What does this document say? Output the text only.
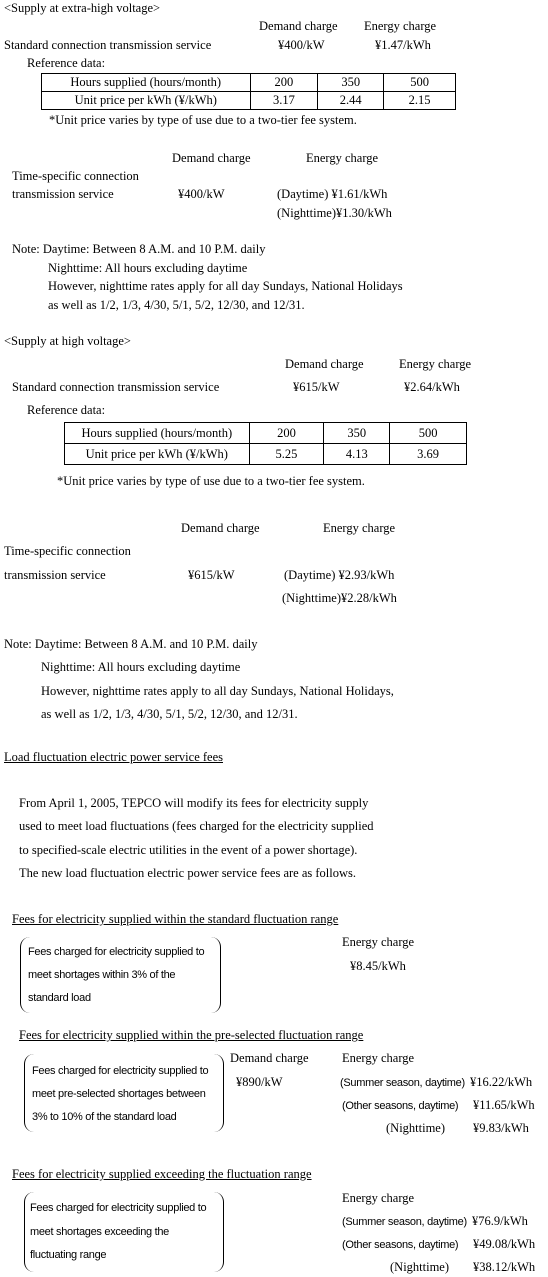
<Supply at extra-high voltage>
Demand charge Energy charge
Standard connection transmission service	¥400/kW	¥1.47/kWh
Reference data:
Hours supplied (hours/month)	200	350	500
Unit price per kWh (¥/kWh)	3.17	2.44	2.15
*Unit price varies by type of use due to a two-tier fee system.
Demand charge	Energy charge
Time-specific connection
transmission service	¥400/kW	(Daytime) ¥1.61/kWh
(Nighttime)¥1.30/kWh
Note: Daytime: Between 8 A.M. and 10 P.M. daily
Nighttime: All hours excluding daytime
However, nighttime rates apply for all day Sundays, National Holidays
as well as 1/2, 1/3, 4/30, 5/1, 5/2, 12/30, and 12/31.
<Supply at high voltage>
Demand charge	Energy charge
Standard connection transmission service	¥615/kW	¥2.64/kWh
Reference data:
Hours supplied (hours/month)	200	350	500
Unit price per kWh (¥/kWh)	5.25	4.13	3.69
*Unit price varies by type of use due to a two-tier fee system.
Demand charge	Energy charge
Time-specific connection
transmission service	¥615/kW	(Daytime) ¥2.93/kWh
(Nighttime)¥2.28/kWh
Note: Daytime: Between 8 A.M. and 10 P.M. daily
Nighttime: All hours excluding daytime
However, nighttime rates apply to all day Sundays, National Holidays,
as well as 1/2, 1/3, 4/30, 5/1, 5/2, 12/30, and 12/31.
Load fluctuation electric power service fees
From April 1, 2005, TEPCO will modify its fees for electricity supply
used to meet load fluctuations (fees charged for the electricity supplied
to specified-scale electric utilities in the event of a power shortage).
The new load fluctuation electric power service fees are as follows.
Fees for electricity supplied within the standard fluctuation range
Fees charged for electricity supplied to
meet shortages within 3% of the
standard load
Energy charge
¥8.45/kWh
Fees for electricity supplied within the pre-selected fluctuation range
Fees charged for electricity supplied to
meet pre-selected shortages between
3% to 10% of the standard load
Demand charge	Energy charge
¥890/kW	(Summer season, daytime) ¥16.22/kWh
(Other seasons, daytime) ¥11.65/kWh
(Nighttime) ¥9.83/kWh
Fees for electricity supplied exceeding the fluctuation range
Fees charged for electricity supplied to
meet shortages exceeding the
fluctuating range
Energy charge
(Summer season, daytime) ¥76.9/kWh
(Other seasons, daytime) ¥49.08/kWh
(Nighttime) ¥38.12/kWh
